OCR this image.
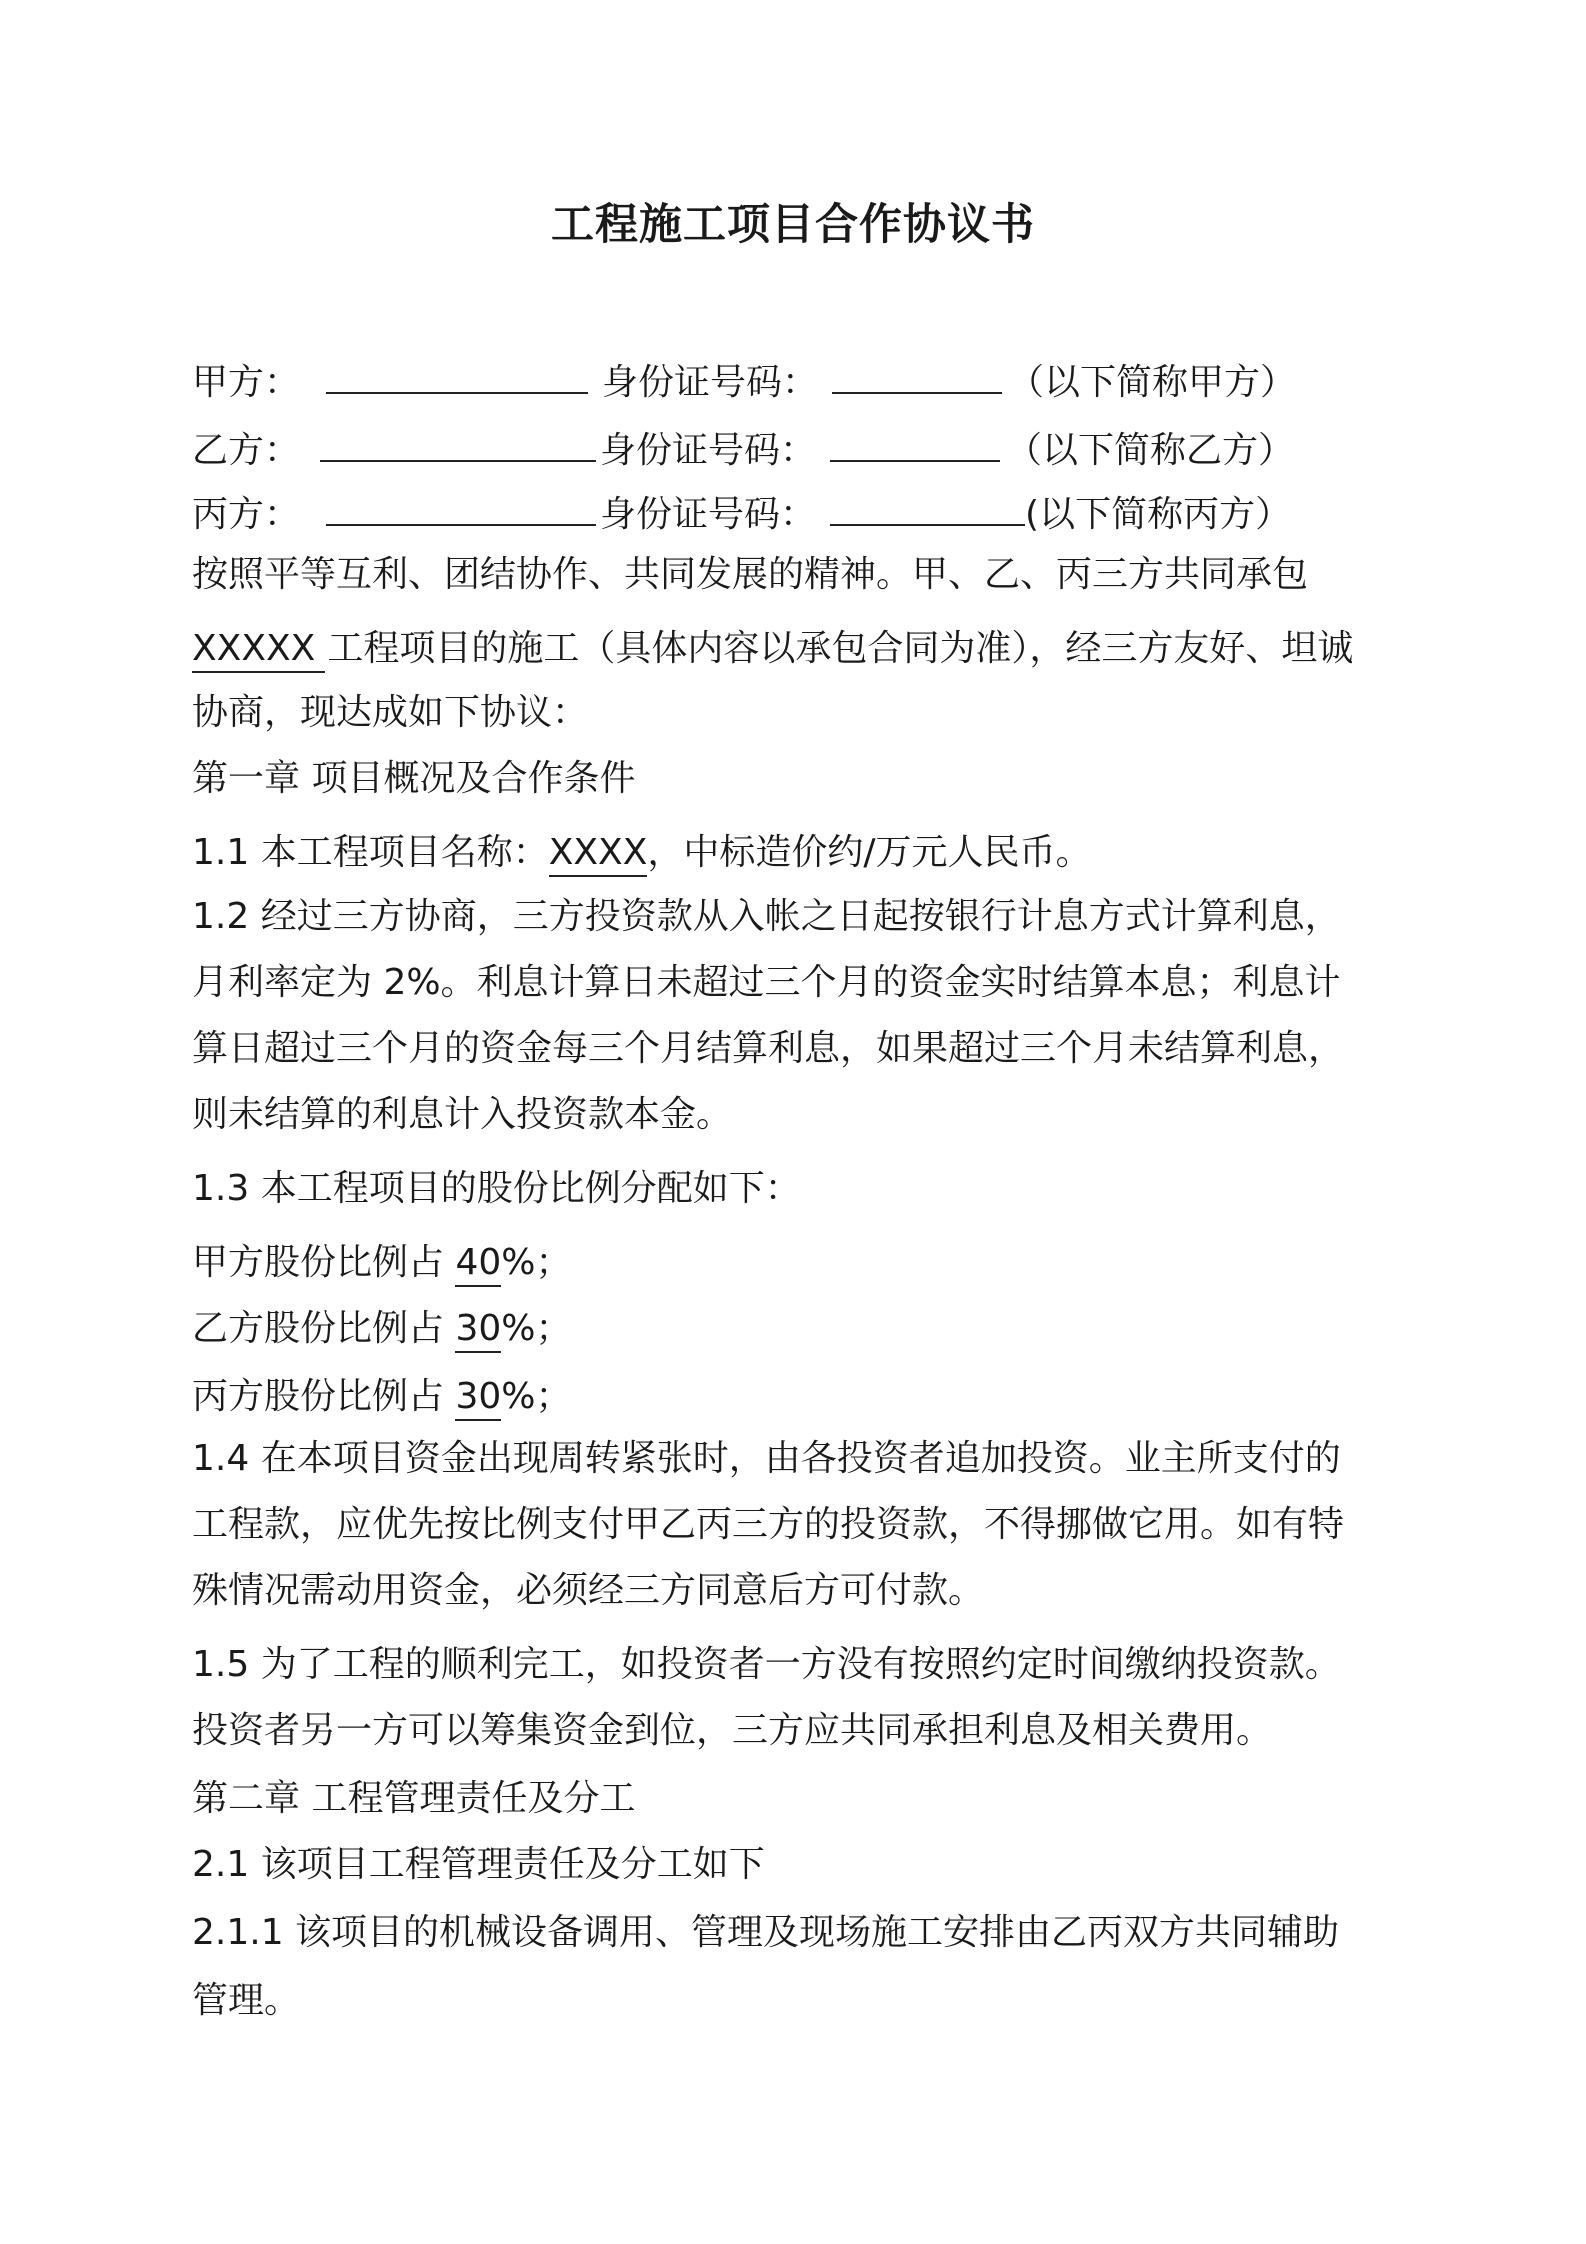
工程施工项目合作协议书
甲方：	身份证号码：	（以下简称甲方）
乙方：	身份证号码：	（以下简称乙方）
丙方：	身份证号码：	(以下简称丙方）
按照平等互利、团结协作、共同发展的精神。甲、乙、丙三方共同承包
XXXXX 工程项目的施工（具体内容以承包合同为准），经三方友好、坦诚
协商，现达成如下协议：
第一章 项目概况及合作条件
1.1 本工程项目名称：XXXX，中标造价约/万元人民币。
1.2 经过三方协商，三方投资款从入帐之日起按银行计息方式计算利息，
月利率定为 2%。利息计算日未超过三个月的资金实时结算本息；利息计
算日超过三个月的资金每三个月结算利息，如果超过三个月未结算利息，
则未结算的利息计入投资款本金。
1.3 本工程项目的股份比例分配如下：
甲方股份比例占 40%；
乙方股份比例占 30%；
丙方股份比例占 30%；
1.4 在本项目资金出现周转紧张时，由各投资者追加投资。业主所支付的
工程款，应优先按比例支付甲乙丙三方的投资款，不得挪做它用。如有特
殊情况需动用资金，必须经三方同意后方可付款。
1.5 为了工程的顺利完工，如投资者一方没有按照约定时间缴纳投资款。
投资者另一方可以筹集资金到位，三方应共同承担利息及相关费用。
第二章 工程管理责任及分工
2.1 该项目工程管理责任及分工如下
2.1.1 该项目的机械设备调用、管理及现场施工安排由乙丙双方共同辅助
管理。
